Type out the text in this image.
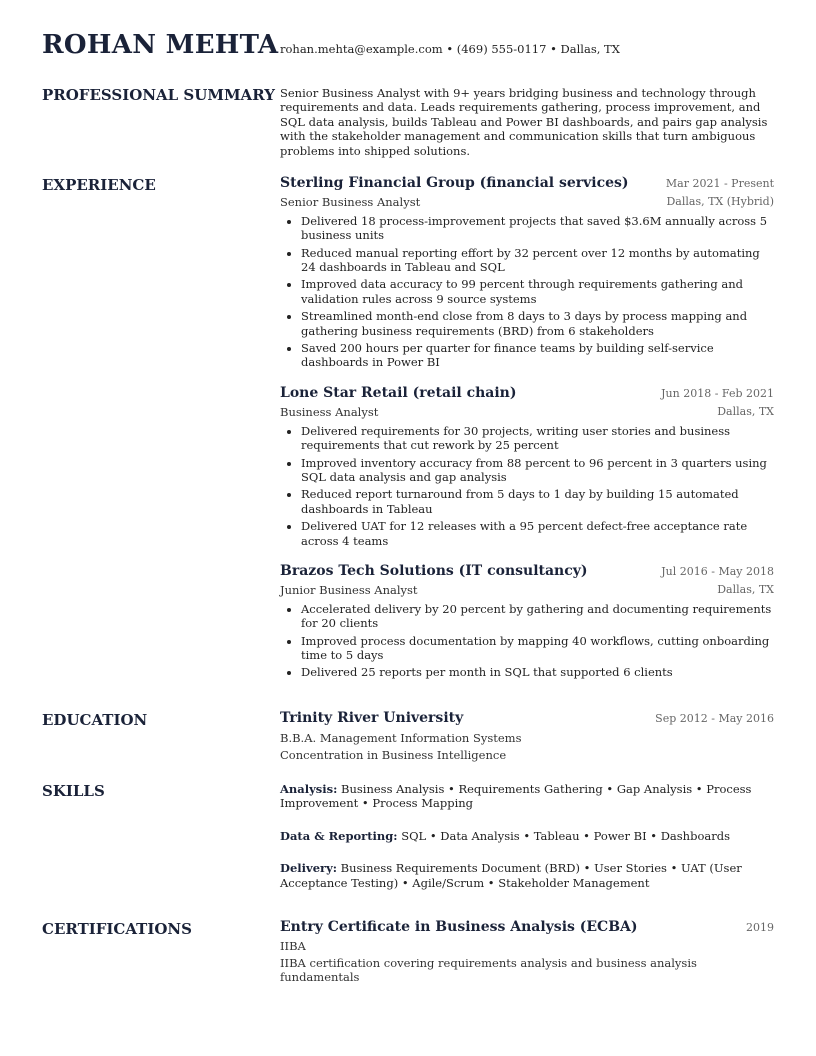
ROHAN MEHTA rohan.mehta@example.com • (469) 555-0117 • Dallas, TX
PROFESSIONAL SUMMARY Senior Business Analyst with 9+ years bridging business and technology through requirements and data. Leads requirements gathering, process improvement, and SQL data analysis, builds Tableau and Power BI dashboards, and pairs gap analysis with the stakeholder management and communication skills that turn ambiguous problems into shipped solutions.

EXPERIENCE	Sterling Financial Group (financial services)	Mar 2021 - Present
Senior Business Analyst	Dallas, TX (Hybrid)
• Delivered 18 process-improvement projects that saved $3.6M annually across 5 business units
• Reduced manual reporting effort by 32 percent over 12 months by automating 24 dashboards in Tableau and SQL
• Improved data accuracy to 99 percent through requirements gathering and validation rules across 9 source systems
• Streamlined month-end close from 8 days to 3 days by process mapping and gathering business requirements (BRD) from 6 stakeholders
• Saved 200 hours per quarter for finance teams by building self-service dashboards in Power BI
Lone Star Retail (retail chain)	Jun 2018 - Feb 2021
Business Analyst	Dallas, TX
• Delivered requirements for 30 projects, writing user stories and business requirements that cut rework by 25 percent
• Improved inventory accuracy from 88 percent to 96 percent in 3 quarters using SQL data analysis and gap analysis
• Reduced report turnaround from 5 days to 1 day by building 15 automated dashboards in Tableau
• Delivered UAT for 12 releases with a 95 percent defect-free acceptance rate across 4 teams
Brazos Tech Solutions (IT consultancy)	Jul 2016 - May 2018
Junior Business Analyst	Dallas, TX
• Accelerated delivery by 20 percent by gathering and documenting requirements for 20 clients
• Improved process documentation by mapping 40 workflows, cutting onboarding time to 5 days
• Delivered 25 reports per month in SQL that supported 6 clients
EDUCATION	Trinity River University	Sep 2012 - May 2016
B.B.A. Management Information Systems
Concentration in Business Intelligence
SKILLS	Analysis: Business Analysis • Requirements Gathering • Gap Analysis • Process Improvement • Process Mapping
Data & Reporting: SQL • Data Analysis • Tableau • Power BI • Dashboards
Delivery: Business Requirements Document (BRD) • User Stories • UAT (User Acceptance Testing) • Agile/Scrum • Stakeholder Management
CERTIFICATIONS	Entry Certificate in Business Analysis (ECBA)	2019
IIBA
IIBA certification covering requirements analysis and business analysis fundamentals
